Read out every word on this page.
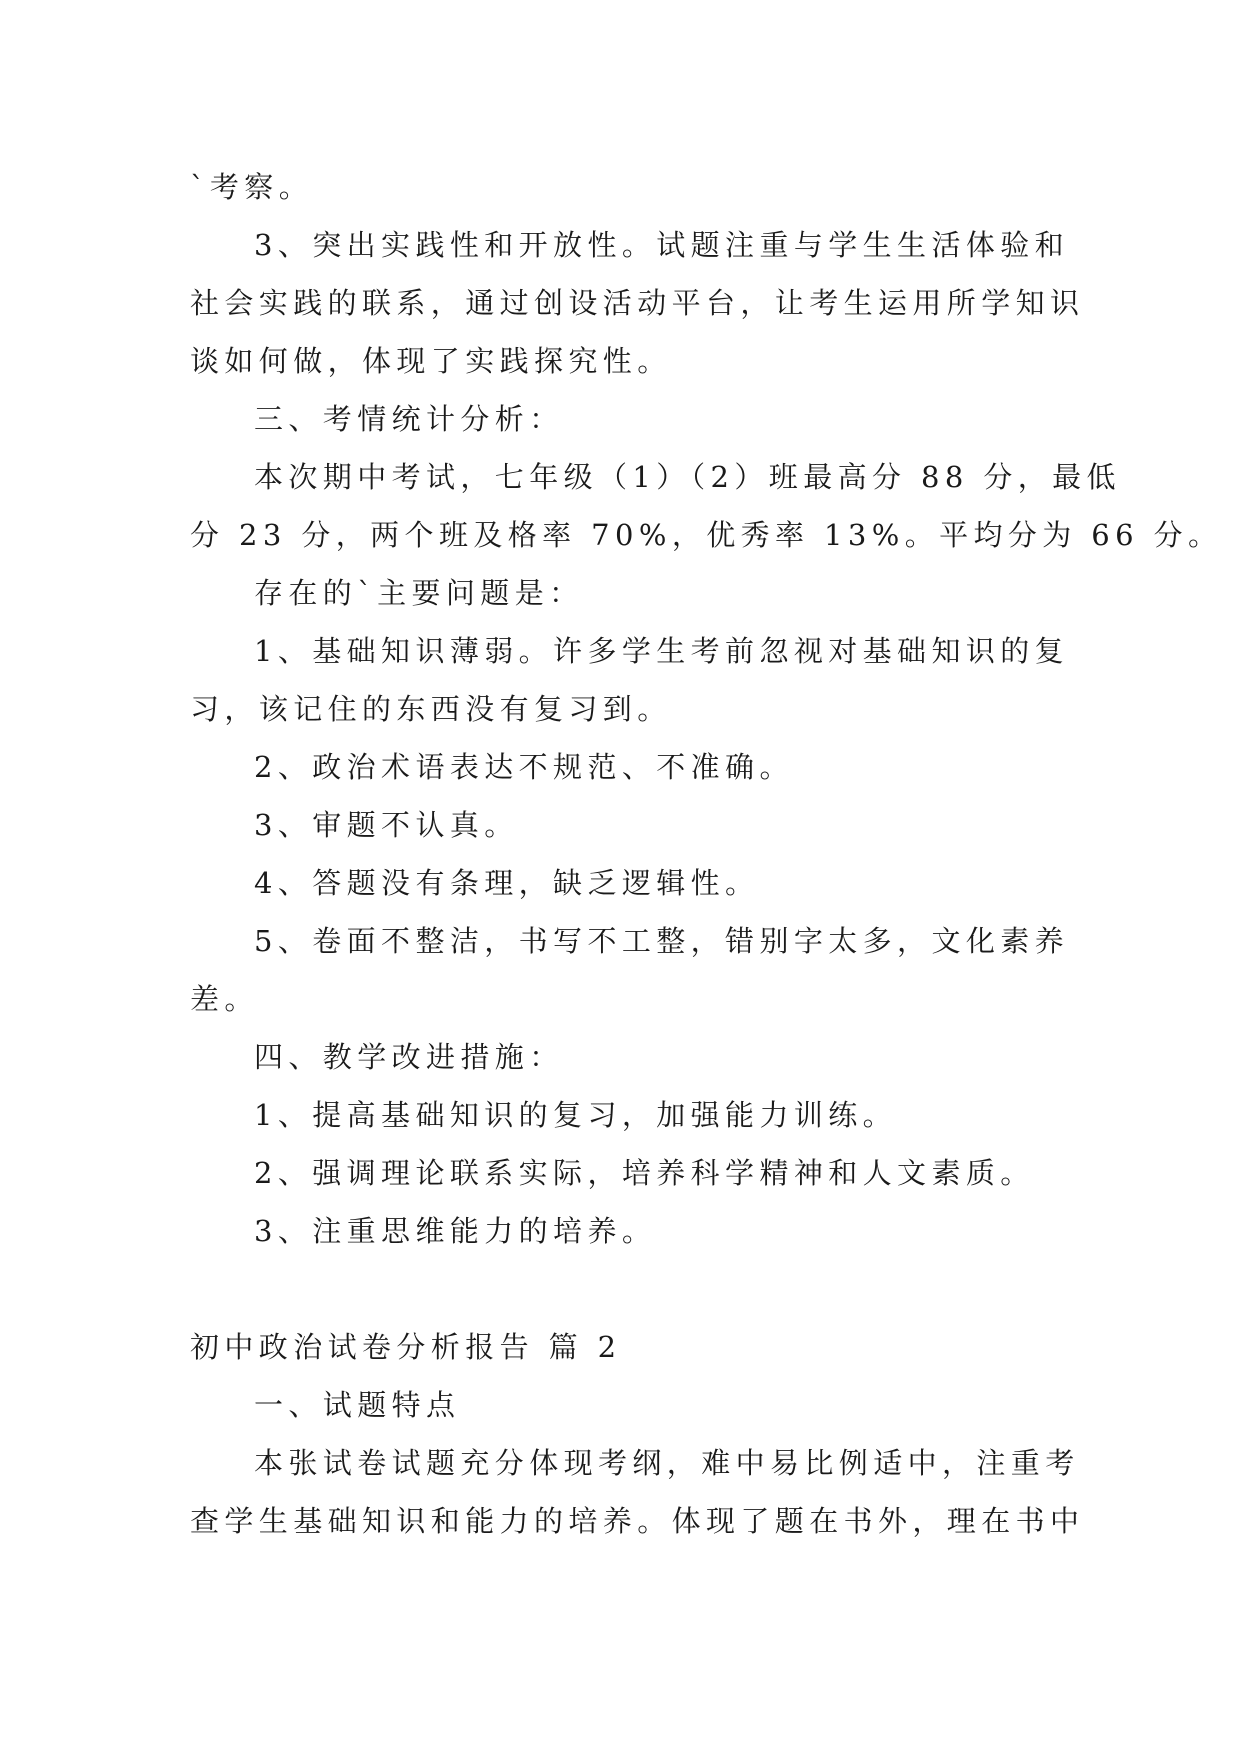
`考察。
3、突出实践性和开放性。试题注重与学生生活体验和
社会实践的联系，通过创设活动平台，让考生运用所学知识
谈如何做，体现了实践探究性。
三、考情统计分析：
本次期中考试，七年级（1）（2）班最高分 88 分，最低
分 23 分，两个班及格率 70%，优秀率 13%。平均分为 66 分。
存在的`主要问题是：
1、基础知识薄弱。许多学生考前忽视对基础知识的复
习，该记住的东西没有复习到。
2、政治术语表达不规范、不准确。
3、审题不认真。
4、答题没有条理，缺乏逻辑性。
5、卷面不整洁，书写不工整，错别字太多，文化素养
差。
四、教学改进措施：
1、提高基础知识的复习，加强能力训练。
2、强调理论联系实际，培养科学精神和人文素质。
3、注重思维能力的培养。
初中政治试卷分析报告 篇 2
一、试题特点
本张试卷试题充分体现考纲，难中易比例适中，注重考
查学生基础知识和能力的培养。体现了题在书外，理在书中
